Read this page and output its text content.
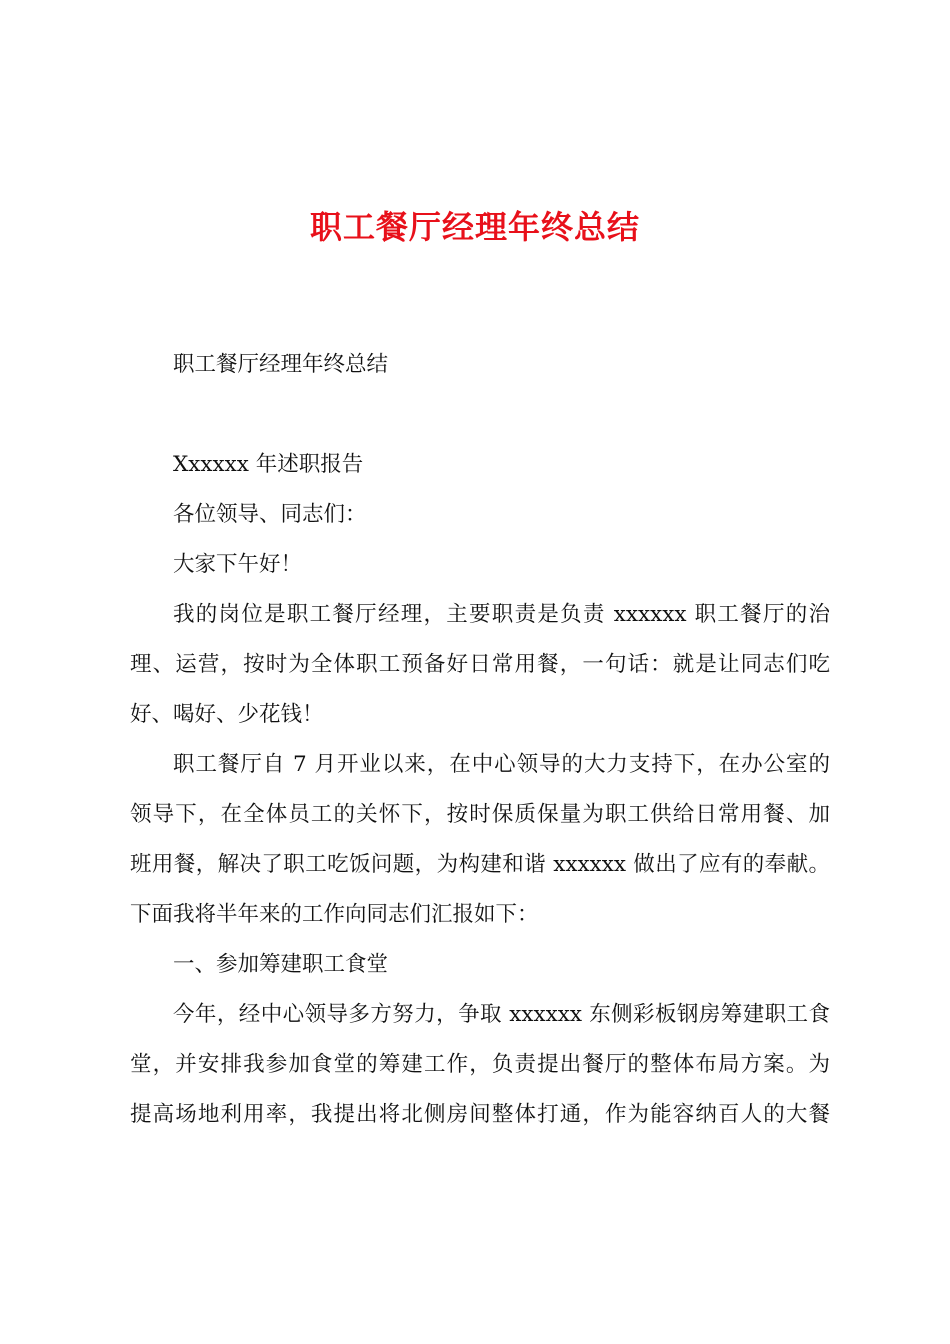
职工餐厅经理年终总结

职工餐厅经理年终总结

Xxxxxx 年述职报告

各位领导、同志们：

大家下午好！

我的岗位是职工餐厅经理，主要职责是负责 xxxxxx 职工餐厅的治

理、运营，按时为全体职工预备好日常用餐，一句话：就是让同志们吃

好、喝好、少花钱！

职工餐厅自 7 月开业以来，在中心领导的大力支持下，在办公室的

领导下，在全体员工的关怀下，按时保质保量为职工供给日常用餐、加

班用餐，解决了职工吃饭问题，为构建和谐 xxxxxx 做出了应有的奉献。

下面我将半年来的工作向同志们汇报如下：

一、参加筹建职工食堂

今年，经中心领导多方努力，争取 xxxxxx 东侧彩板钢房筹建职工食

堂，并安排我参加食堂的筹建工作，负责提出餐厅的整体布局方案。为

提高场地利用率，我提出将北侧房间整体打通，作为能容纳百人的大餐
